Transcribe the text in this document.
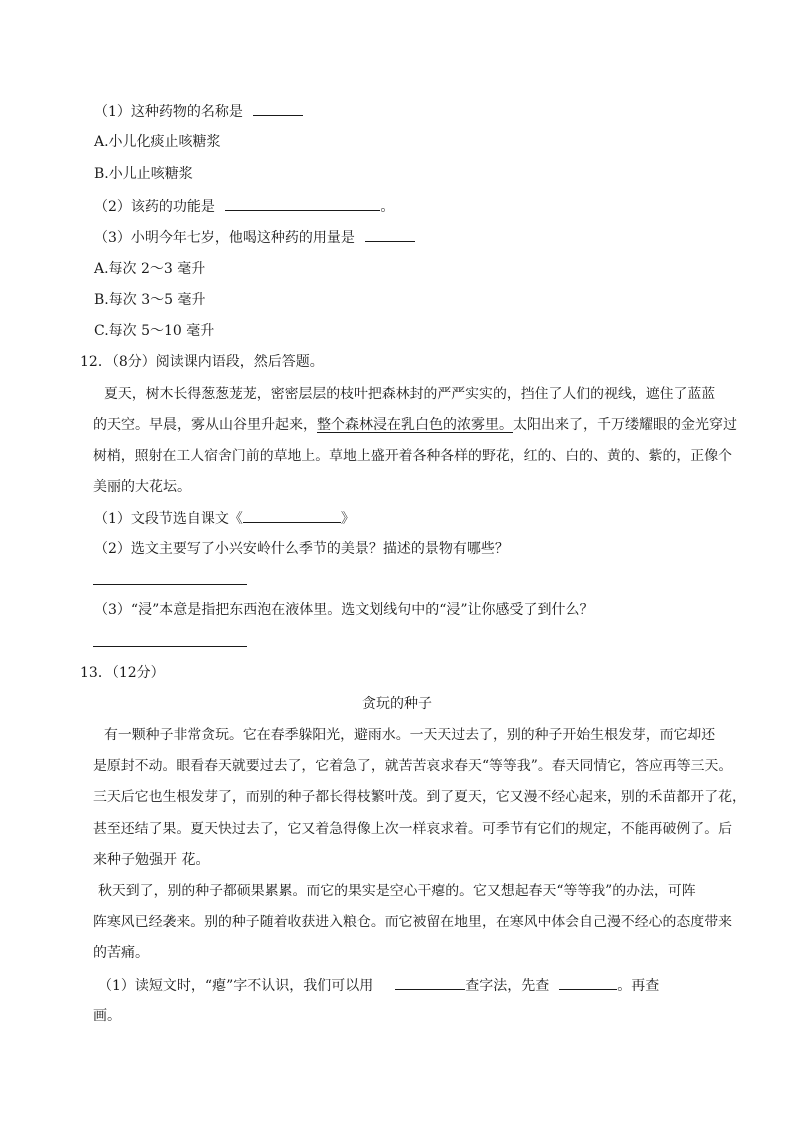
（1）这种药物的名称是
A.小儿化痰止咳糖浆
B.小儿止咳糖浆
（2）该药的功能是	。
（3）小明今年七岁，他喝这种药的用量是
A.每次 2～3 毫升
B.每次 3～5 毫升
C.每次 5～10 毫升
12．（8分）阅读课内语段，然后答题。
夏天，树木长得葱葱茏茏，密密层层的枝叶把森林封的严严实实的，挡住了人们的视线，遮住了蓝蓝
的天空。早晨，雾从山谷里升起来，整个森林浸在乳白色的浓雾里。太阳出来了，千万缕耀眼的金光穿过
树梢，照射在工人宿舍门前的草地上。草地上盛开着各种各样的野花，红的、白的、黄的、紫的，正像个
美丽的大花坛。
（1）文段节选自课文《	》
（2）选文主要写了小兴安岭什么季节的美景？描述的景物有哪些？
（3）“浸”本意是指把东西泡在液体里。选文划线句中的“浸”让你感受了到什么？
13．（12分）
贪玩的种子
有一颗种子非常贪玩。它在春季躲阳光，避雨水。一天天过去了，别的种子开始生根发芽，而它却还
是原封不动。眼看春天就要过去了，它着急了，就苦苦哀求春天“等等我”。春天同情它，答应再等三天。
三天后它也生根发芽了，而别的种子都长得枝繁叶茂。到了夏天，它又漫不经心起来，别的禾苗都开了花，
甚至还结了果。夏天快过去了，它又着急得像上次一样哀求着。可季节有它们的规定，不能再破例了。后
来种子勉强开 花。
秋天到了，别的种子都硕果累累。而它的果实是空心干瘪的。它又想起春天“等等我”的办法，可阵
阵寒风已经袭来。别的种子随着收获进入粮仓。而它被留在地里，在寒风中体会自己漫不经心的态度带来
的苦痛。
（1）读短文时，“瘪”字不认识，我们可以用	查字法，先查	。再查
画。
